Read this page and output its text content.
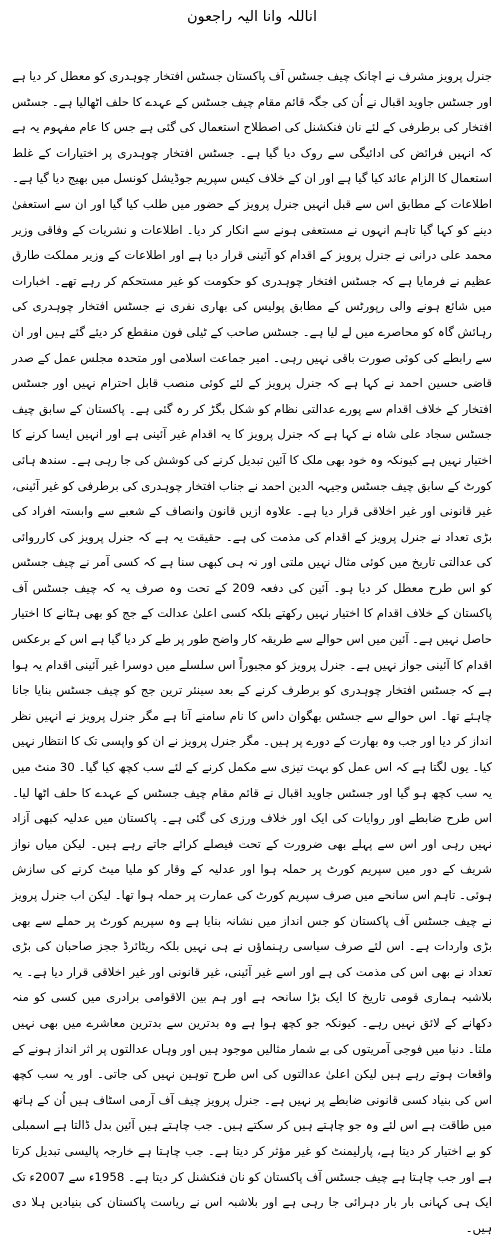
اناللہ وانا الیہ راجعون

جنرل پرویز مشرف نے اچانک چیف جسٹس آف پاکستان جسٹس افتخار چوہدری کو معطل کر دیا ہے اور جسٹس جاوید اقبال نے اُن کی جگہ قائم مقام چیف جسٹس کے عہدے کا حلف اٹھالیا ہے۔ جسٹس افتخار کی برطرفی کے لئے نان فنکشنل کی اصطلاح استعمال کی گئی ہے جس کا عام مفہوم یہ ہے کہ انہیں فرائض کی ادائیگی سے روک دیا گیا ہے۔ جسٹس افتخار چوہدری پر اختیارات کے غلط استعمال کا الزام عائد کیا گیا ہے اور ان کے خلاف کیس سپریم جوڈیشل کونسل میں بھیج دیا گیا ہے۔ اطلاعات کے مطابق اس سے قبل انہیں جنرل پرویز کے حضور میں طلب کیا گیا اور ان سے استعفیٰ دینے کو کہا گیا تاہم انہوں نے مستعفی ہونے سے انکار کر دیا۔ اطلاعات و نشریات کے وفاقی وزیر محمد علی درانی نے جنرل پرویز کے اقدام کو آئینی قرار دیا ہے اور اطلاعات کے وزیر مملکت طارق عظیم نے فرمایا ہے کہ جسٹس افتخار چوہدری کو حکومت کو غیر مستحکم کر رہے تھے۔ اخبارات میں شائع ہونے والی رپورٹس کے مطابق پولیس کی بھاری نفری نے جسٹس افتخار چوہدری کی رہائش گاہ کو محاصرے میں لے لیا ہے۔ جسٹس صاحب کے ٹیلی فون منقطع کر دیئے گئے ہیں اور ان سے رابطے کی کوئی صورت باقی نہیں رہی۔ امیر جماعت اسلامی اور متحدہ مجلس عمل کے صدر قاضی حسین احمد نے کہا ہے کہ جنرل پرویز کے لئے کوئی منصب قابل احترام نہیں اور جسٹس افتخار کے خلاف اقدام سے پورے عدالتی نظام کو شکل بگڑ کر رہ گئی ہے۔ پاکستان کے سابق چیف جسٹس سجاد علی شاہ نے کہا ہے کہ جنرل پرویز کا یہ اقدام غیر آئینی ہے اور انہیں ایسا کرنے کا اختیار نہیں ہے کیونکہ وہ خود بھی ملک کا آئین تبدیل کرنے کی کوشش کی جا رہی ہے۔ سندھ ہائی کورٹ کے سابق چیف جسٹس وجیہہ الدین احمد نے جناب افتخار چوہدری کی برطرفی کو غیر آئینی، غیر قانونی اور غیر اخلاقی قرار دیا ہے۔ علاوہ ازیں قانون وانصاف کے شعبے سے وابستہ افراد کی بڑی تعداد نے جنرل پرویز کے اقدام کی مذمت کی ہے۔ حقیقت یہ ہے کہ جنرل پرویز کی کارروائی کی عدالتی تاریخ میں کوئی مثال نہیں ملتی اور نہ ہی کبھی سنا ہے کہ کسی آمر نے چیف جسٹس کو اس طرح معطل کر دیا ہو۔ آئین کی دفعہ 209 کے تحت وہ صرف یہ کہ چیف جسٹس آف پاکستان کے خلاف اقدام کا اختیار نہیں رکھتے بلکہ کسی اعلیٰ عدالت کے جج کو بھی ہٹانے کا اختیار حاصل نہیں ہے۔ آئین میں اس حوالے سے طریقہ کار واضح طور پر طے کر دیا گیا ہے اس کے برعکس اقدام کا آئینی جواز نہیں ہے۔ جنرل پرویز کو مجبوراً اس سلسلے میں دوسرا غیر آئینی اقدام یہ ہوا ہے کہ جسٹس افتخار چوہدری کو برطرف کرنے کے بعد سینئر ترین جج کو چیف جسٹس بنایا جانا چاہئے تھا۔ اس حوالے سے جسٹس بھگوان داس کا نام سامنے آتا ہے مگر جنرل پرویز نے انہیں نظر انداز کر دیا اور جب وہ بھارت کے دورے پر ہیں۔ مگر جنرل پرویز نے ان کو واپسی تک کا انتظار نہیں کیا۔ یوں لگتا ہے کہ اس عمل کو بہت تیزی سے مکمل کرنے کے لئے سب کچھ کیا گیا۔ 30 منٹ میں یہ سب کچھ ہو گیا اور جسٹس جاوید اقبال نے قائم مقام چیف جسٹس کے عہدے کا حلف اٹھا لیا۔ اس طرح ضابطے اور روایات کی ایک اور خلاف ورزی کی گئی ہے۔ پاکستان میں عدلیہ کبھی آزاد نہیں رہی اور اس سے پہلے بھی ضرورت کے تحت فیصلے کرائے جاتے رہے ہیں۔ لیکن میاں نواز شریف کے دور میں سپریم کورٹ پر حملہ ہوا اور عدلیہ کے وقار کو ملیا میٹ کرنے کی سازش ہوئی۔ تاہم اس سانحے میں صرف سپریم کورٹ کی عمارت پر حملہ ہوا تھا۔ لیکن اب جنرل پرویز نے چیف جسٹس آف پاکستان کو جس انداز میں نشانہ بنایا ہے وہ سپریم کورٹ پر حملے سے بھی بڑی واردات ہے۔ اس لئے صرف سیاسی رہنماؤں نے ہی نہیں بلکہ ریٹائرڈ ججز صاحبان کی بڑی تعداد نے بھی اس کی مذمت کی ہے اور اسے غیر آئینی، غیر قانونی اور غیر اخلاقی قرار دیا ہے۔ یہ بلاشبہ ہماری قومی تاریخ کا ایک بڑا سانحہ ہے اور ہم بین الاقوامی برادری میں کسی کو منہ دکھانے کے لائق نہیں رہے۔ کیونکہ جو کچھ ہوا ہے وہ بدترین سے بدترین معاشرے میں بھی نہیں ملتا۔ دنیا میں فوجی آمریتوں کی بے شمار مثالیں موجود ہیں اور وہاں عدالتوں پر اثر انداز ہونے کے واقعات ہوتے رہے ہیں لیکن اعلیٰ عدالتوں کی اس طرح توہین نہیں کی جاتی۔ اور یہ سب کچھ اس کی بنیاد کسی قانونی ضابطے پر نہیں ہے۔ جنرل پرویز چیف آف آرمی اسٹاف ہیں اُن کے ہاتھ میں طاقت ہے اس لئے وہ جو چاہتے ہیں کر سکتے ہیں۔ جب چاہتے ہیں آئین بدل ڈالتا ہے اسمبلی کو بے اختیار کر دیتا ہے، پارلیمنٹ کو غیر مؤثر کر دیتا ہے۔ جب چاہتا ہے خارجہ پالیسی تبدیل کرتا ہے اور جب چاہتا ہے چیف جسٹس آف پاکستان کو نان فنکشنل کر دیتا ہے۔ 1958ء سے 2007ء تک ایک ہی کہانی بار بار دہرائی جا رہی ہے اور بلاشبہ اس نے ریاست پاکستان کی بنیادیں ہلا دی ہیں۔
